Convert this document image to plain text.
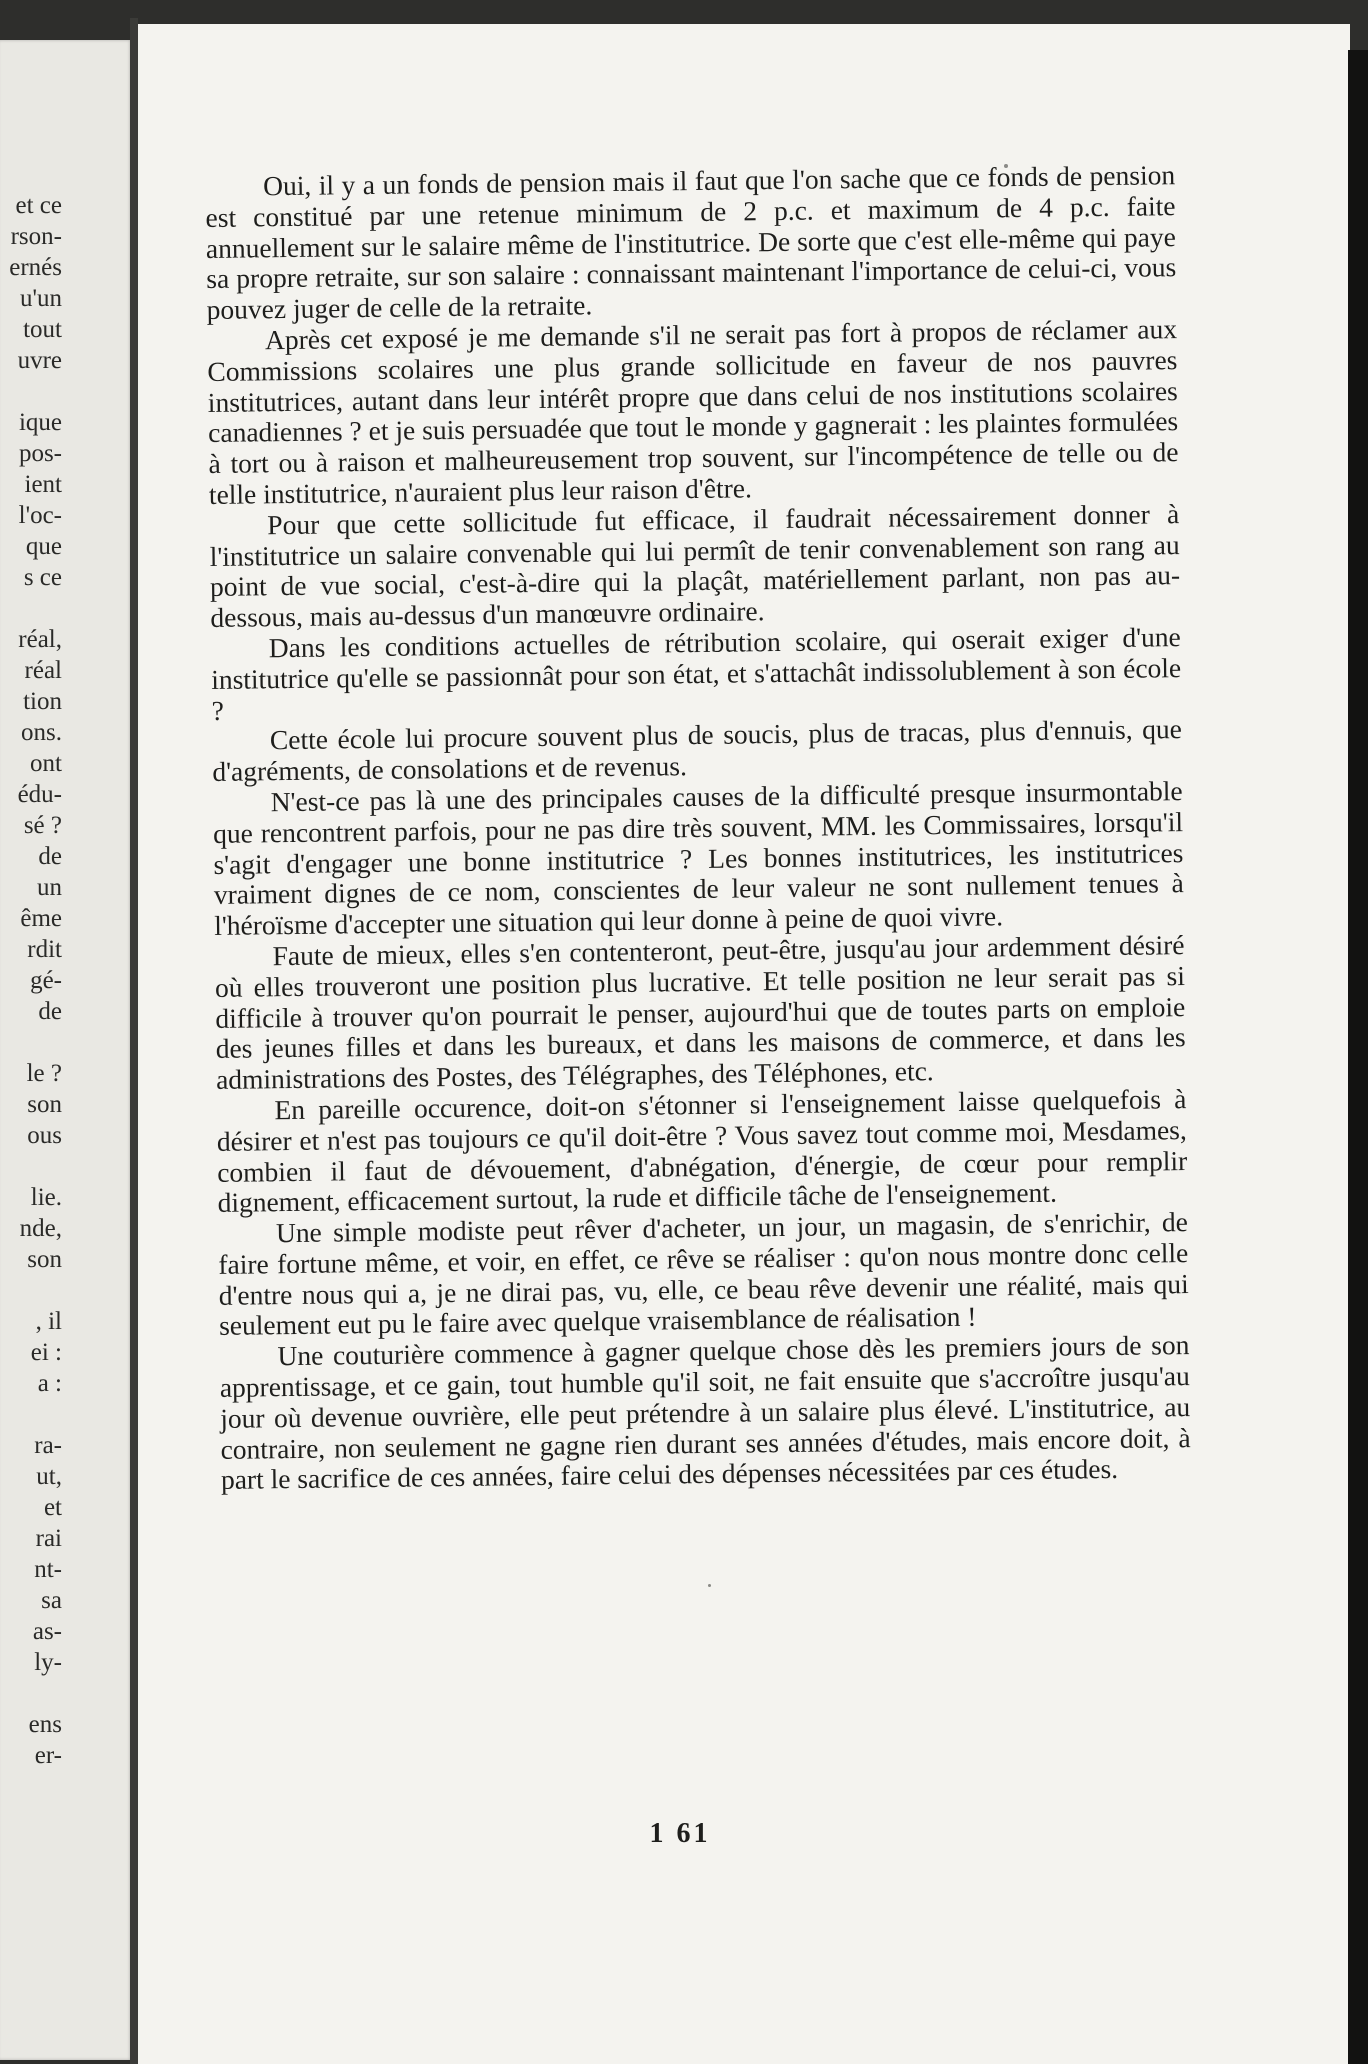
et ce
rson-
ernés
u'un
tout
uvre
ique
pos-
ient
l'oc-
que
s ce
réal,
réal
tion
ons.
ont
édu-
sé ?
de
un
ême
rdit
gé-
de
le ?
son
ous
lie.
nde,
son
, il
ei :
a :
ra-
ut,
et
rai
nt-
sa
as-
ly-
ens
er-

Oui, il y a un fonds de pension mais il faut que l'on sache que ce fonds de pension est constitué par une retenue minimum de 2 p.c. et maximum de 4 p.c. faite annuellement sur le salaire même de l'institutrice. De sorte que c'est elle-même qui paye sa propre retraite, sur son salaire : connaissant maintenant l'importance de celui-ci, vous pouvez juger de celle de la retraite.

Après cet exposé je me demande s'il ne serait pas fort à propos de réclamer aux Commissions scolaires une plus grande sollicitude en faveur de nos pauvres institutrices, autant dans leur intérêt propre que dans celui de nos institutions scolaires canadiennes ? et je suis persuadée que tout le monde y gagnerait : les plaintes formulées à tort ou à raison et malheureusement trop souvent, sur l'incompétence de telle ou de telle institutrice, n'auraient plus leur raison d'être.

Pour que cette sollicitude fut efficace, il faudrait nécessairement donner à l'institutrice un salaire convenable qui lui permît de tenir convenablement son rang au point de vue social, c'est-à-dire qui la plaçât, matériellement parlant, non pas au-dessous, mais au-dessus d'un manœuvre ordinaire.

Dans les conditions actuelles de rétribution scolaire, qui oserait exiger d'une institutrice qu'elle se passionnât pour son état, et s'attachât indissolublement à son école ?

Cette école lui procure souvent plus de soucis, plus de tracas, plus d'ennuis, que d'agréments, de consolations et de revenus.

N'est-ce pas là une des principales causes de la difficulté presque insurmontable que rencontrent parfois, pour ne pas dire très souvent, MM. les Commissaires, lorsqu'il s'agit d'engager une bonne institutrice ? Les bonnes institutrices, les institutrices vraiment dignes de ce nom, conscientes de leur valeur ne sont nullement tenues à l'héroïsme d'accepter une situation qui leur donne à peine de quoi vivre.

Faute de mieux, elles s'en contenteront, peut-être, jusqu'au jour ardemment désiré où elles trouveront une position plus lucrative. Et telle position ne leur serait pas si difficile à trouver qu'on pourrait le penser, aujourd'hui que de toutes parts on emploie des jeunes filles et dans les bureaux, et dans les maisons de commerce, et dans les administrations des Postes, des Télégraphes, des Téléphones, etc.

En pareille occurence, doit-on s'étonner si l'enseignement laisse quelquefois à désirer et n'est pas toujours ce qu'il doit-être ? Vous savez tout comme moi, Mesdames, combien il faut de dévouement, d'abnégation, d'énergie, de cœur pour remplir dignement, efficacement surtout, la rude et difficile tâche de l'enseignement.

Une simple modiste peut rêver d'acheter, un jour, un magasin, de s'enrichir, de faire fortune même, et voir, en effet, ce rêve se réaliser : qu'on nous montre donc celle d'entre nous qui a, je ne dirai pas, vu, elle, ce beau rêve devenir une réalité, mais qui seulement eut pu le faire avec quelque vraisemblance de réalisation !

Une couturière commence à gagner quelque chose dès les premiers jours de son apprentissage, et ce gain, tout humble qu'il soit, ne fait ensuite que s'accroître jusqu'au jour où devenue ouvrière, elle peut prétendre à un salaire plus élevé. L'institutrice, au contraire, non seulement ne gagne rien durant ses années d'études, mais encore doit, à part le sacrifice de ces années, faire celui des dépenses nécessitées par ces études.

1 61
